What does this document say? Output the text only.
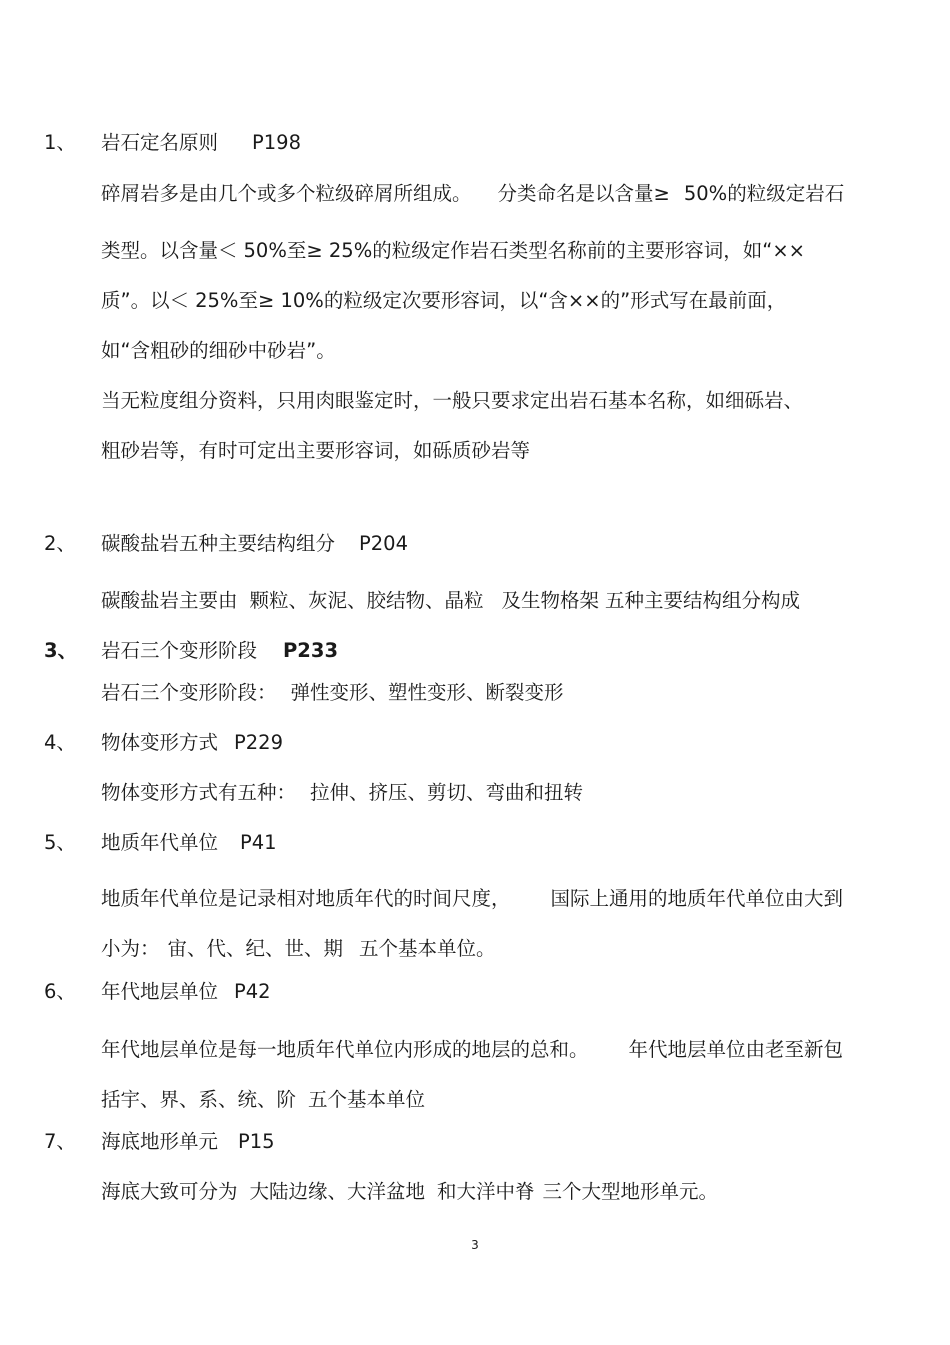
1、 岩石定名原则 P198
碎屑岩多是由几个或多个粒级碎屑所组成。 分类命名是以含量≥ 50%的粒级定岩石
类型。以含量＜ 50%至≥ 25%的粒级定作岩石类型名称前的主要形容词，如“××
质”。以＜ 25%至≥ 10%的粒级定次要形容词，以“含××的”形式写在最前面，
如“含粗砂的细砂中砂岩”。
当无粒度组分资料，只用肉眼鉴定时，一般只要求定出岩石基本名称，如细砾岩、
粗砂岩等，有时可定出主要形容词，如砾质砂岩等
2、 碳酸盐岩五种主要结构组分 P204
碳酸盐岩主要由 颗粒、灰泥、胶结物、晶粒 及生物格架 五种主要结构组分构成
3、 岩石三个变形阶段 P233
岩石三个变形阶段： 弹性变形、塑性变形、断裂变形
4、 物体变形方式 P229
物体变形方式有五种： 拉伸、挤压、剪切、弯曲和扭转
5、 地质年代单位 P41
地质年代单位是记录相对地质年代的时间尺度， 国际上通用的地质年代单位由大到
小为： 宙、代、纪、世、期 五个基本单位。
6、 年代地层单位 P42
年代地层单位是每一地质年代单位内形成的地层的总和。 年代地层单位由老至新包
括宇、界、系、统、阶 五个基本单位
7、 海底地形单元 P15
海底大致可分为 大陆边缘、大洋盆地 和大洋中脊 三个大型地形单元。
3
